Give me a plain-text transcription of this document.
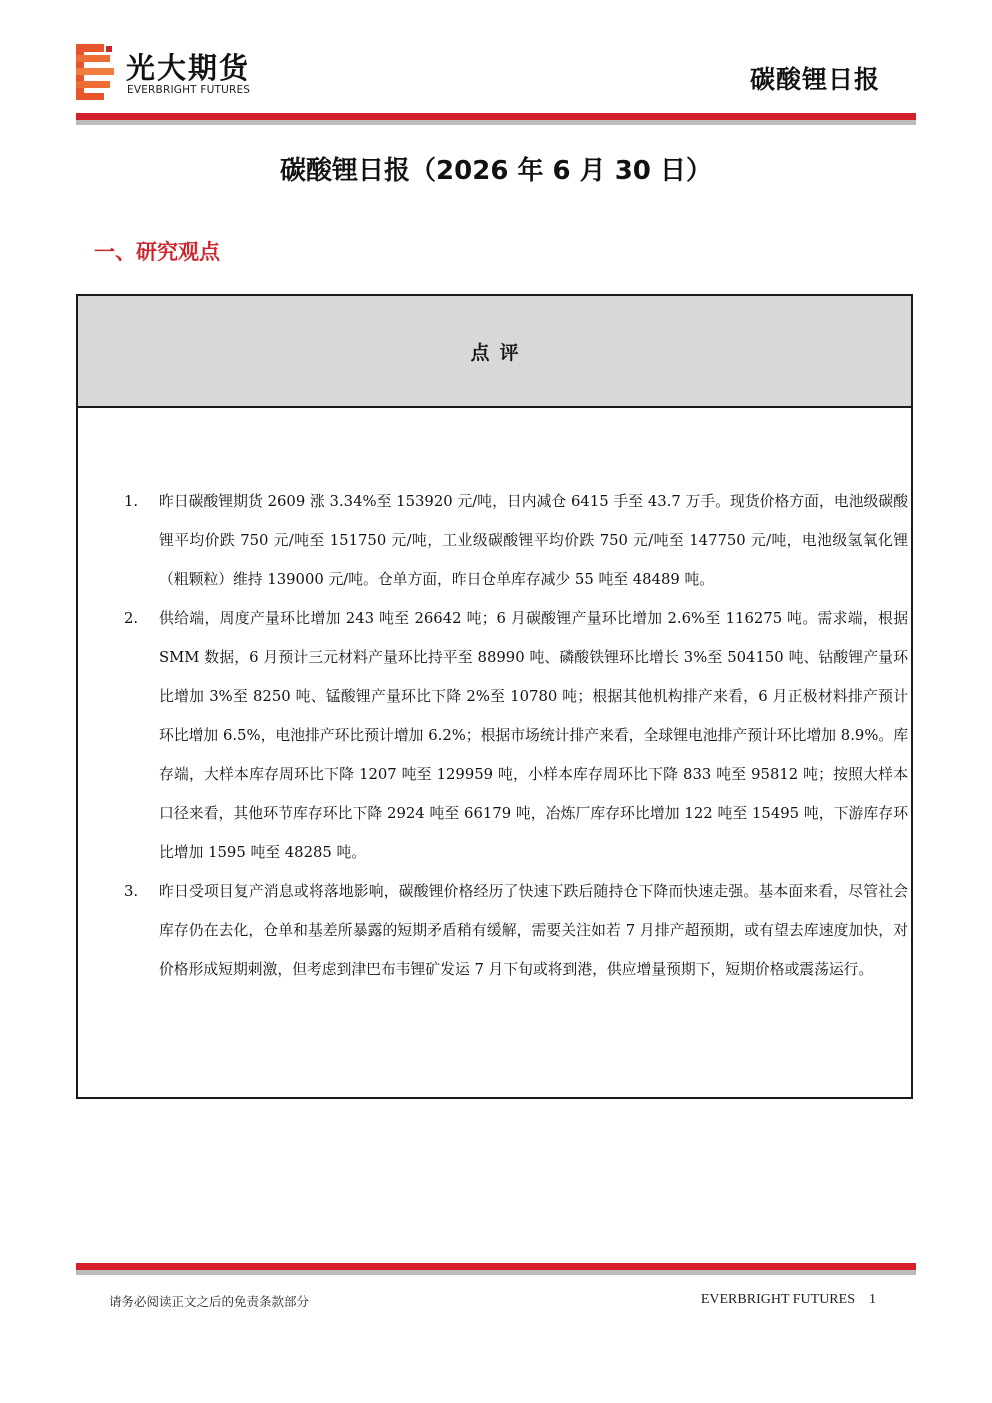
光大期货
EVERBRIGHT FUTURES	碳酸锂日报
碳酸锂日报（2026 年 6 月 30 日）
一、研究观点
点评
1. 昨日碳酸锂期货 2609 涨 3.34%至 153920 元/吨，日内减仓 6415 手至 43.7 万手。现货价格方面，电池级碳酸锂平均价跌 750 元/吨至 151750 元/吨，工业级碳酸锂平均价跌 750 元/吨至 147750 元/吨，电池级氢氧化锂（粗颗粒）维持 139000 元/吨。仓单方面，昨日仓单库存减少 55 吨至 48489 吨。
2. 供给端，周度产量环比增加 243 吨至 26642 吨；6 月碳酸锂产量环比增加 2.6%至 116275 吨。需求端，根据 SMM 数据，6 月预计三元材料产量环比持平至 88990 吨、磷酸铁锂环比增长 3%至 504150 吨、钴酸锂产量环比增加 3%至 8250 吨、锰酸锂产量环比下降 2%至 10780 吨；根据其他机构排产来看，6 月正极材料排产预计环比增加 6.5%，电池排产环比预计增加 6.2%；根据市场统计排产来看，全球锂电池排产预计环比增加 8.9%。库存端，大样本库存周环比下降 1207 吨至 129959 吨，小样本库存周环比下降 833 吨至 95812 吨；按照大样本口径来看，其他环节库存环比下降 2924 吨至 66179 吨，冶炼厂库存环比增加 122 吨至 15495 吨，下游库存环比增加 1595 吨至 48285 吨。
3. 昨日受项目复产消息或将落地影响，碳酸锂价格经历了快速下跌后随持仓下降而快速走强。基本面来看，尽管社会库存仍在去化，仓单和基差所暴露的短期矛盾稍有缓解，需要关注如若 7 月排产超预期，或有望去库速度加快，对价格形成短期刺激，但考虑到津巴布韦锂矿发运 7 月下旬或将到港，供应增量预期下，短期价格或震荡运行。
请务必阅读正文之后的免责条款部分	EVERBRIGHT FUTURES 1
